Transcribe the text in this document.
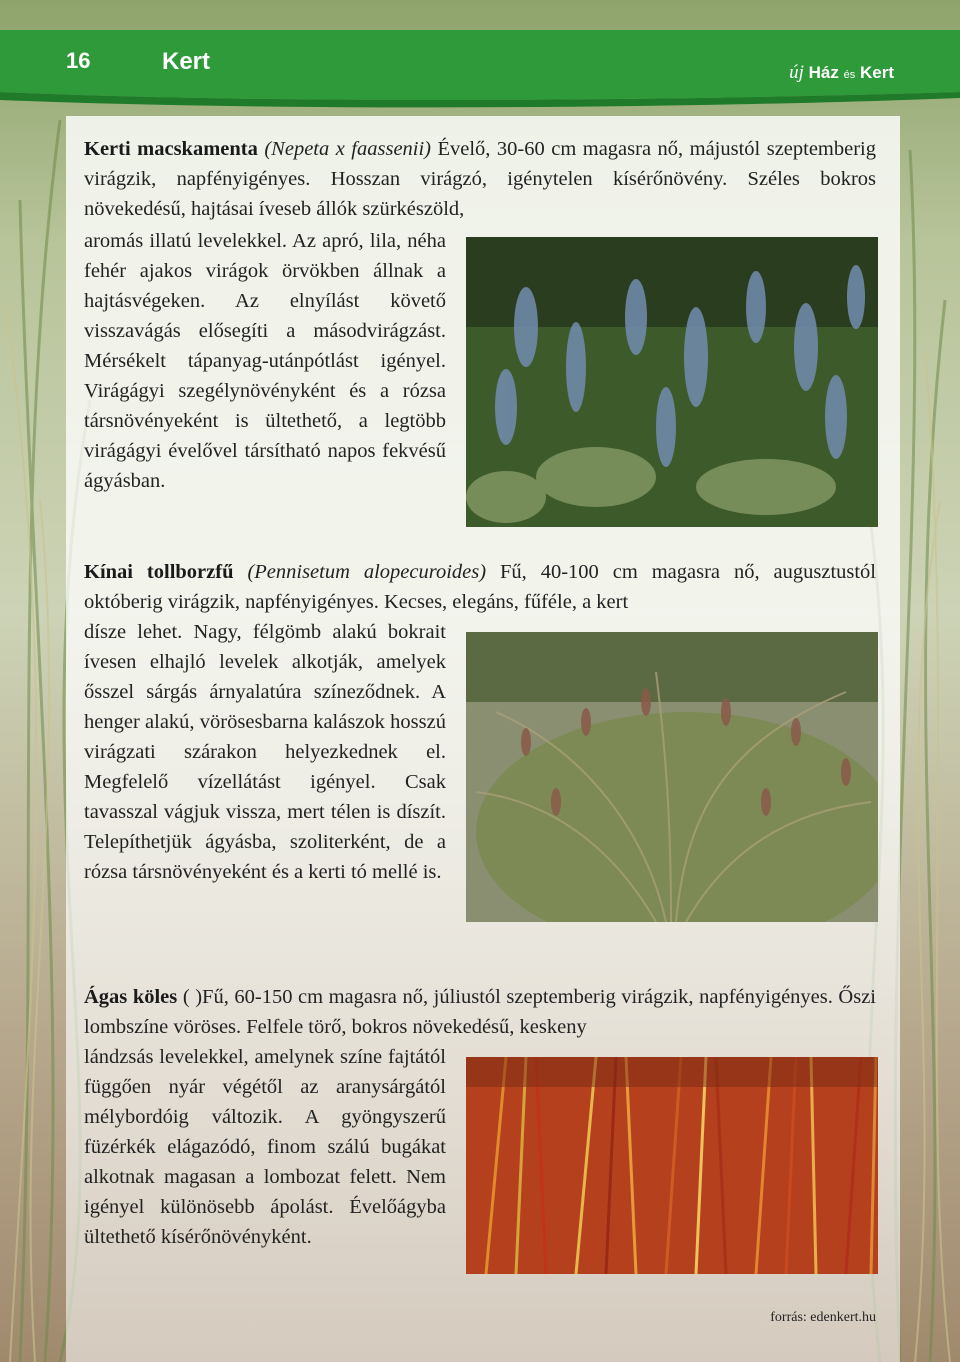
16	Kert	új Ház és Kert

Kerti macskamenta (Nepeta x faassenii) Évelő, 30-60 cm magasra nő, májustól szeptemberig virágzik, napfényigényes. Hosszan virágzó, igénytelen kísérőnövény. Széles bokros növekedésű, hajtásai íveseb állók szürkészöld,

aromás illatú levelekkel. Az apró, lila, néha fehér ajakos virágok örvökben állnak a hajtásvégeken. Az elnyílást követő visszavágás elősegíti a másodvirágzást. Mérsékelt tápanyag-utánpótlást igényel. Virágágyi szegélynövényként és a rózsa társnövényeként is ültethető, a legtöbb virágágyi évelővel társítható napos fekvésű ágyásban.

Kínai tollborzfű (Pennisetum alopecuroides) Fű, 40-100 cm magasra nő, augusztustól októberig virágzik, napfényigényes. Kecses, elegáns, fűféle, a kert

dísze lehet. Nagy, félgömb alakú bokrait ívesen elhajló levelek alkotják, amelyek ősszel sárgás árnyalatúra színeződnek. A henger alakú, vörösesbarna kalászok hosszú virágzati szárakon helyezkednek el. Megfelelő vízellátást igényel. Csak tavasszal vágjuk vissza, mert télen is díszít. Telepíthetjük ágyásba, szoliterként, de a rózsa társnövényeként és a kerti tó mellé is.

Ágas köles ( )Fű, 60-150 cm magasra nő, júliustól szeptemberig virágzik, napfényigényes. Őszi lombszíne vöröses. Felfele törő, bokros növekedésű, keskeny

lándzsás levelekkel, amelynek színe fajtától függően nyár végétől az aranysárgától mélybordóig változik. A gyöngyszerű füzérkék elágazódó, finom szálú bugákat alkotnak magasan a lombozat felett. Nem igényel különösebb ápolást. Évelőágyba ültethető kísérőnövényként.

forrás: edenkert.hu
